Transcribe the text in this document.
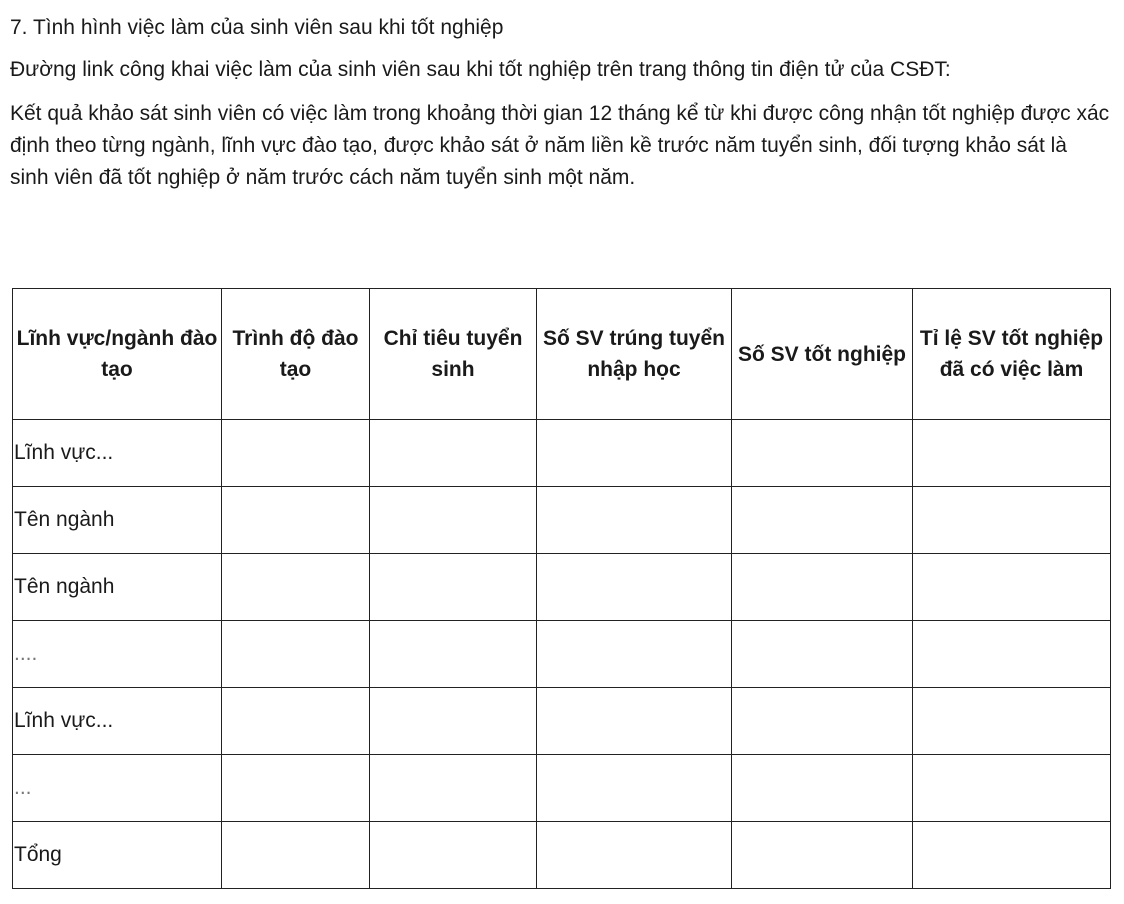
7. Tình hình việc làm của sinh viên sau khi tốt nghiệp

Đường link công khai việc làm của sinh viên sau khi tốt nghiệp trên trang thông tin điện tử của CSĐT:

Kết quả khảo sát sinh viên có việc làm trong khoảng thời gian 12 tháng kể từ khi được công nhận tốt nghiệp được xác định theo từng ngành, lĩnh vực đào tạo, được khảo sát ở năm liền kề trước năm tuyển sinh, đối tượng khảo sát là sinh viên đã tốt nghiệp ở năm trước cách năm tuyển sinh một năm.

Lĩnh vực/ngành đào tạo	Trình độ đào tạo	Chỉ tiêu tuyển sinh	Số SV trúng tuyển nhập học	Số SV tốt nghiệp	Tỉ lệ SV tốt nghiệp đã có việc làm
Lĩnh vực...					
Tên ngành					
Tên ngành					
....					
Lĩnh vực...					
...					
Tổng					
